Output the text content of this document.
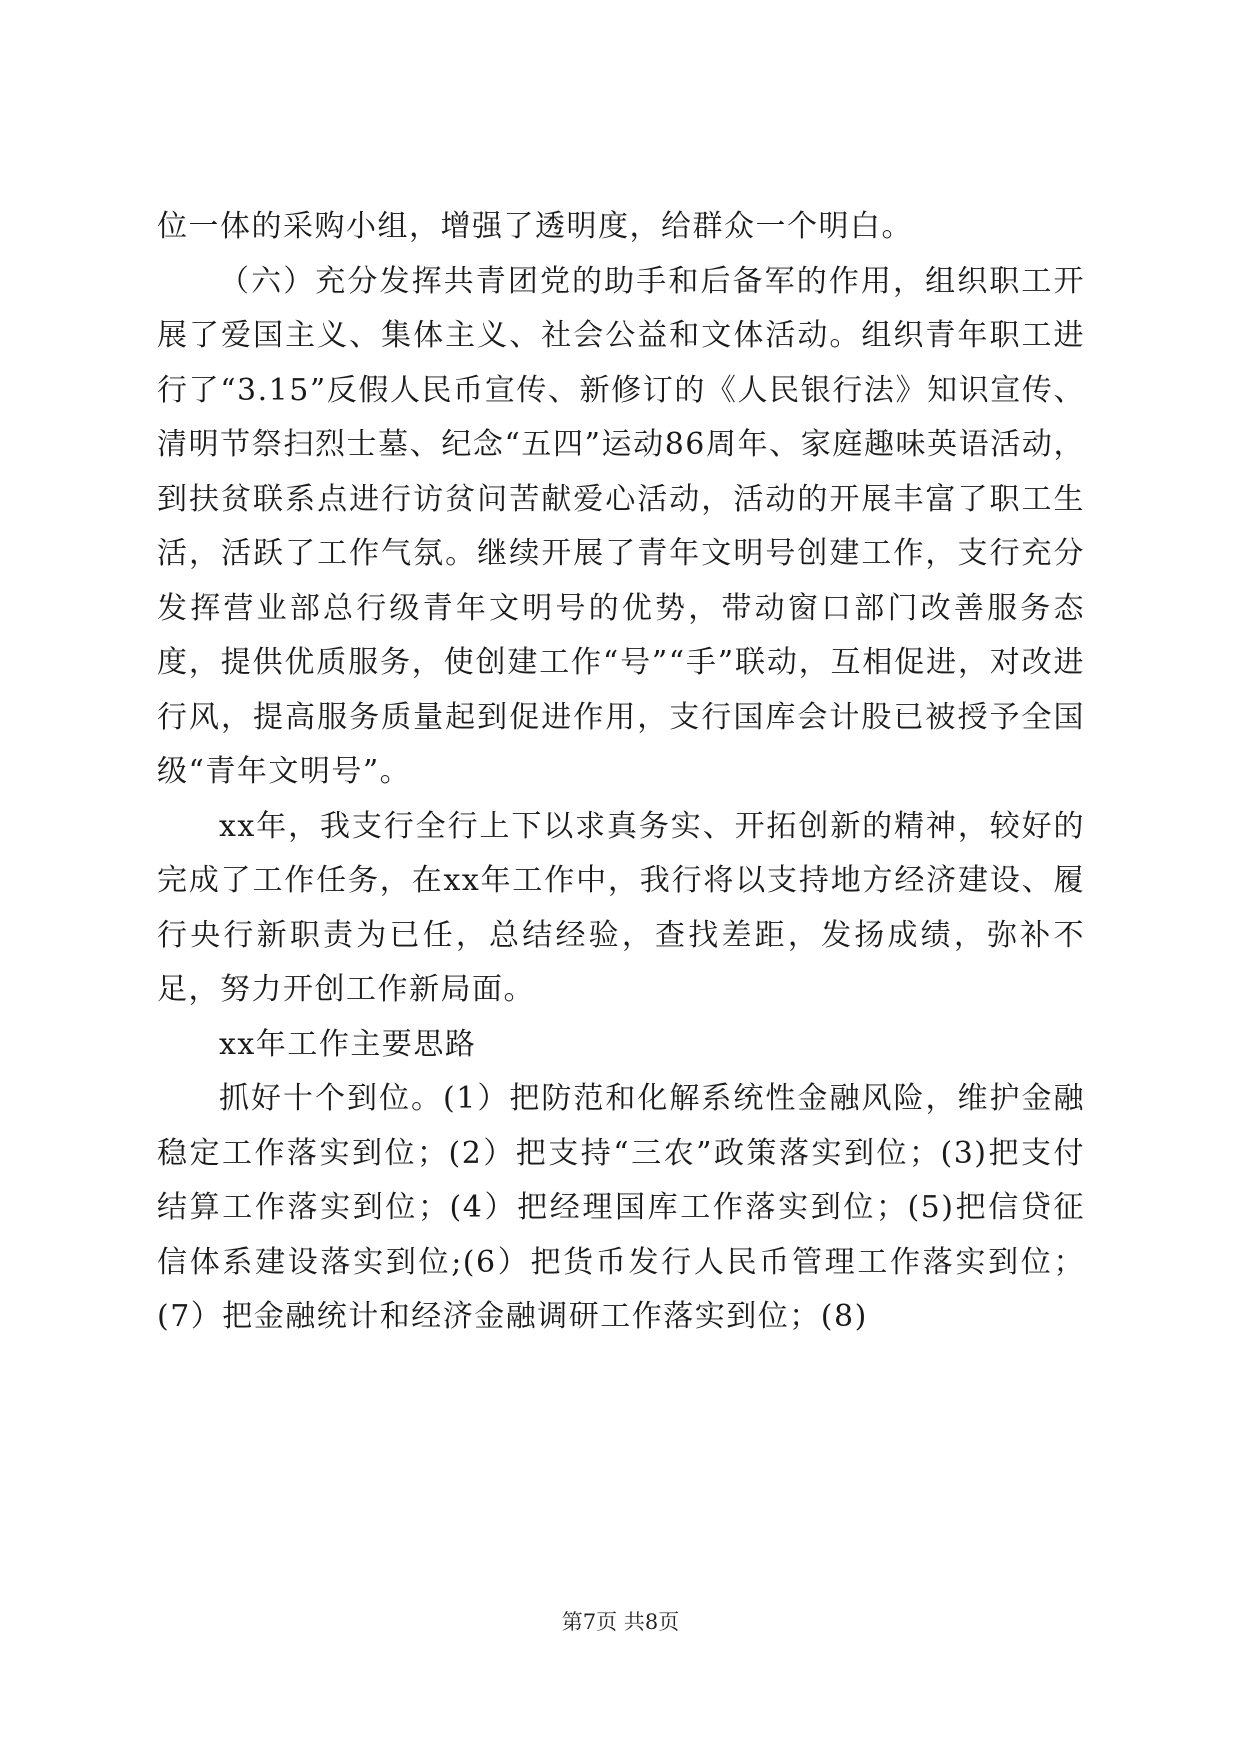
位一体的采购小组，增强了透明度，给群众一个明白。

（六）充分发挥共青团党的助手和后备军的作用，组织职工开展了爱国主义、集体主义、社会公益和文体活动。组织青年职工进行了“3.15”反假人民币宣传、新修订的《人民银行法》知识宣传、清明节祭扫烈士墓、纪念“五四”运动86周年、家庭趣味英语活动，到扶贫联系点进行访贫问苦献爱心活动，活动的开展丰富了职工生活，活跃了工作气氛。继续开展了青年文明号创建工作，支行充分发挥营业部总行级青年文明号的优势，带动窗口部门改善服务态度，提供优质服务，使创建工作“号”“手”联动，互相促进，对改进行风，提高服务质量起到促进作用，支行国库会计股已被授予全国级“青年文明号”。

xx年，我支行全行上下以求真务实、开拓创新的精神，较好的完成了工作任务，在xx年工作中，我行将以支持地方经济建设、履行央行新职责为已任，总结经验，查找差距，发扬成绩，弥补不足，努力开创工作新局面。

xx年工作主要思路

抓好十个到位。(1）把防范和化解系统性金融风险，维护金融稳定工作落实到位；(2）把支持“三农”政策落实到位；(3)把支付结算工作落实到位；(4）把经理国库工作落实到位；(5)把信贷征信体系建设落实到位;(6）把货币发行人民币管理工作落实到位；(7）把金融统计和经济金融调研工作落实到位；(8)

第7页 共8页
